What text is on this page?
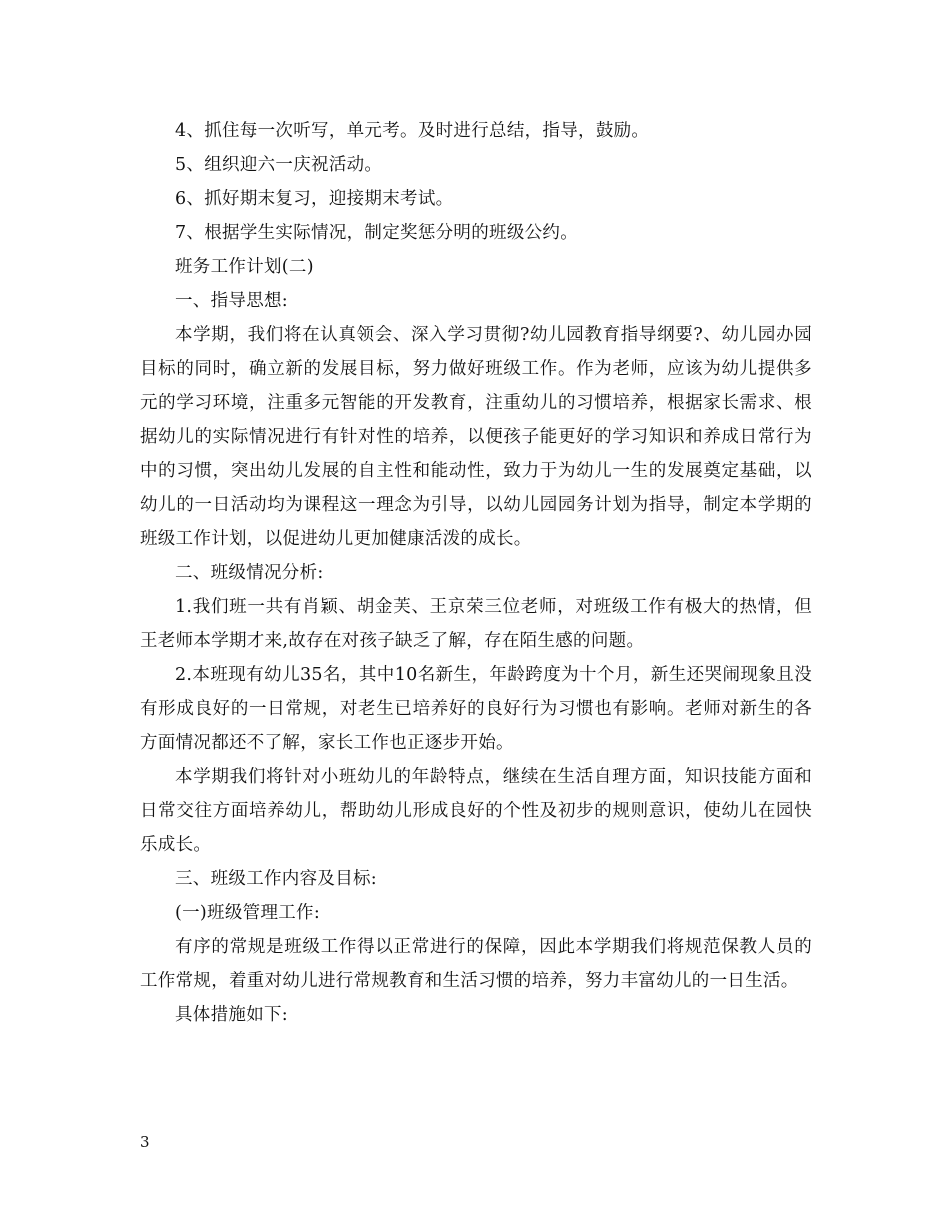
4、抓住每一次听写，单元考。及时进行总结，指导，鼓励。

5、组织迎六一庆祝活动。

6、抓好期末复习，迎接期末考试。

7、根据学生实际情况，制定奖惩分明的班级公约。

班务工作计划(二)

一、指导思想:

本学期，我们将在认真领会、深入学习贯彻?幼儿园教育指导纲要?、幼儿园办园目标的同时，确立新的发展目标，努力做好班级工作。作为老师，应该为幼儿提供多元的学习环境，注重多元智能的开发教育，注重幼儿的习惯培养，根据家长需求、根据幼儿的实际情况进行有针对性的培养，以便孩子能更好的学习知识和养成日常行为中的习惯，突出幼儿发展的自主性和能动性，致力于为幼儿一生的发展奠定基础，以幼儿的一日活动均为课程这一理念为引导，以幼儿园园务计划为指导，制定本学期的班级工作计划，以促进幼儿更加健康活泼的成长。

二、班级情况分析:

1.我们班一共有肖颖、胡金芙、王京荣三位老师，对班级工作有极大的热情，但王老师本学期才来,故存在对孩子缺乏了解，存在陌生感的问题。

2.本班现有幼儿35名，其中10名新生，年龄跨度为十个月，新生还哭闹现象且没有形成良好的一日常规，对老生已培养好的良好行为习惯也有影响。老师对新生的各方面情况都还不了解，家长工作也正逐步开始。

本学期我们将针对小班幼儿的年龄特点，继续在生活自理方面，知识技能方面和日常交往方面培养幼儿，帮助幼儿形成良好的个性及初步的规则意识，使幼儿在园快乐成长。

三、班级工作内容及目标:

(一)班级管理工作:

有序的常规是班级工作得以正常进行的保障，因此本学期我们将规范保教人员的工作常规，着重对幼儿进行常规教育和生活习惯的培养，努力丰富幼儿的一日生活。

具体措施如下:

3
